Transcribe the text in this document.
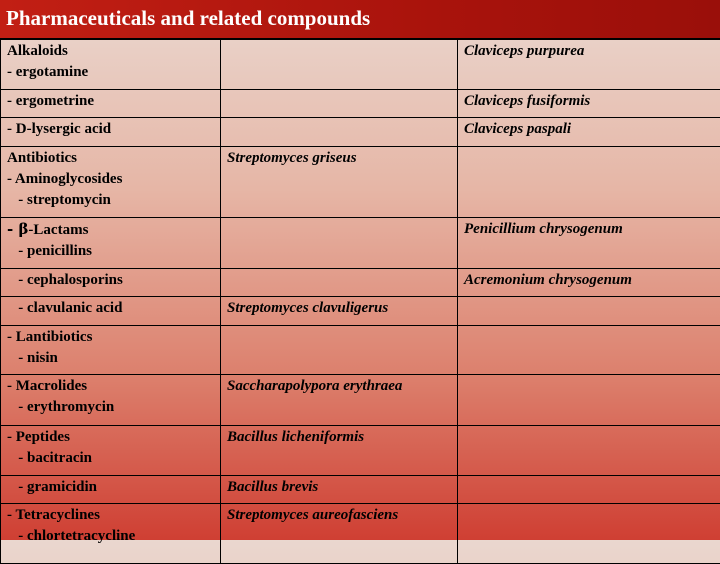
Pharmaceuticals and related compounds
Alkaloids
- ergotamine		Claviceps purpurea

- ergometrine		Claviceps fusiformis

- D-lysergic acid		Claviceps paspali

Antibiotics
- Aminoglycosides
- streptomycin	Streptomyces griseus	

- β-Lactams
- penicillins		Penicillium chrysogenum

- cephalosporins		Acremonium chrysogenum

- clavulanic acid	Streptomyces clavuligerus	

- Lantibiotics
- nisin		

- Macrolides
- erythromycin	Saccharapolypora erythraea	

- Peptides
- bacitracin	Bacillus licheniformis	

- gramicidin	Bacillus brevis	

- Tetracyclines
- chlortetracycline	Streptomyces aureofasciens	
